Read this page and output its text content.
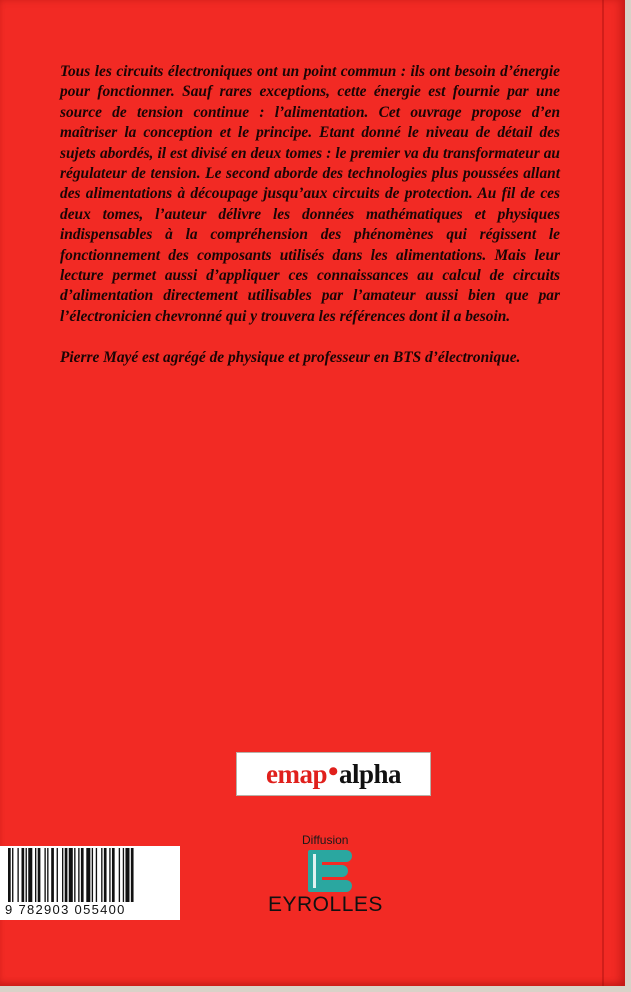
Tous les circuits électroniques ont un point commun : ils ont besoin d’énergie pour fonctionner. Sauf rares exceptions, cette énergie est fournie par une source de tension continue : l’alimentation. Cet ouvrage propose d’en maîtriser la conception et le principe. Etant donné le niveau de détail des sujets abordés, il est divisé en deux tomes : le premier va du transformateur au régulateur de tension. Le second aborde des technologies plus poussées allant des alimentations à découpage jusqu’aux circuits de protection. Au fil de ces deux tomes, l’auteur délivre les données mathématiques et physiques indispensables à la compréhension des phénomènes qui régissent le fonctionnement des composants utilisés dans les alimentations. Mais leur lecture permet aussi d’appliquer ces connaissances au calcul de circuits d’alimentation directement utilisables par l’amateur aussi bien que par l’électronicien chevronné qui y trouvera les références dont il a besoin.

Pierre Mayé est agrégé de physique et professeur en BTS d’électronique.

emap • alpha
Diffusion
EYROLLES
9 782903 055400
